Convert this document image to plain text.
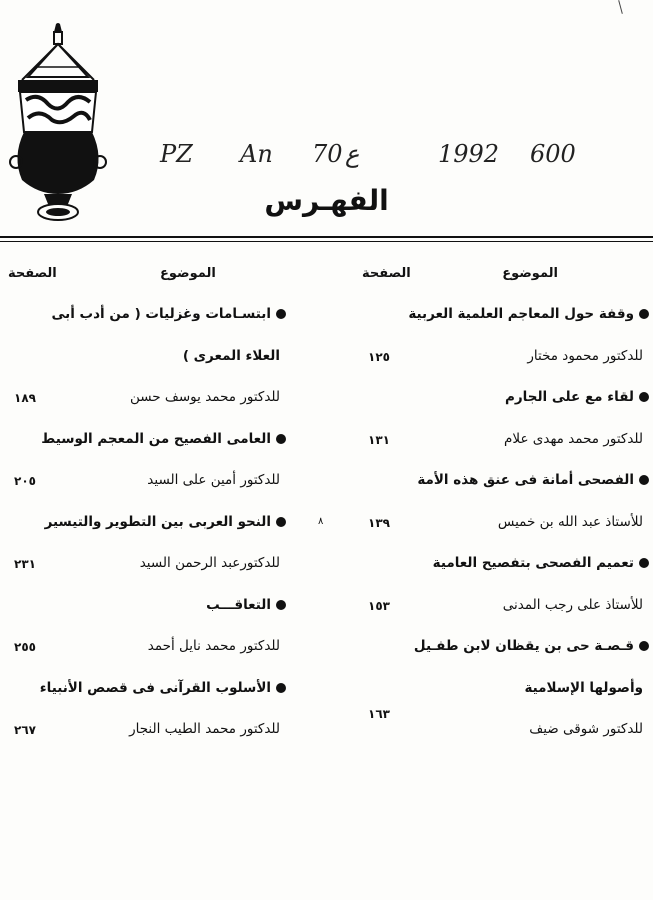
PZ An 70 ع	1992 600
الفهـرس
الموضوع
الصفحة
الموضوع
الصفحة
وقفة حول المعاجم العلمية العربية
للدكتور محمود مختار
لقاء مع على الجارم
للدكتور محمد مهدى علام
الفصحى أمانة فى عنق هذه الأمة
للأستاذ عبد الله بن خميس
تعميم الفصحى بتفصيح العامية
للأستاذ على رجب المدنى
قـصـة حى بن يقظان لابن طفـيل
وأصولها الإسلامية
للدكتور شوقى ضيف
١٢٥
١٣١
١٣٩
١٥٣
١٦٣
ابتسـامات وغزليات ( من أدب أبى
العلاء المعرى )
للدكتور محمد يوسف حسن
العامى الفصيح من المعجم الوسيط
للدكتور أمين على السيد
النحو العربى بين التطوير والتيسير
للدكتورعبد الرحمن السيد
التعاقـــب
للدكتور محمد نايل أحمد
الأسلوب القرآنى فى قصص الأنبياء
للدكتور محمد الطيب النجار
١٨٩
٢٠٥
٢٣١
٢٥٥
٢٦٧
٨
